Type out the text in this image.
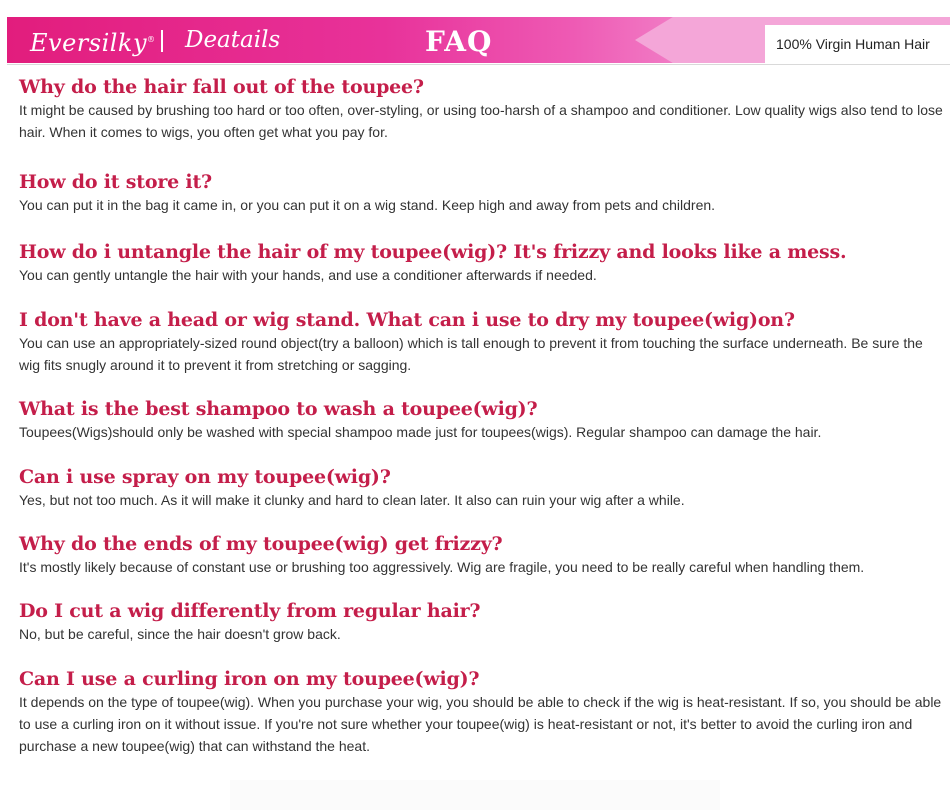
Eversilky® Deatails	FAQ	100% Virgin Human Hair
Why do the hair fall out of the toupee?
It might be caused by brushing too hard or too often, over-styling, or using too-harsh of a shampoo and conditioner. Low quality wigs also tend to lose hair. When it comes to wigs, you often get what you pay for.
How do it store it?
You can put it in the bag it came in, or you can put it on a wig stand. Keep high and away from pets and children.
How do i untangle the hair of my toupee(wig)? It's frizzy and looks like a mess.
You can gently untangle the hair with your hands, and use a conditioner afterwards if needed.
I don't have a head or wig stand. What can i use to dry my toupee(wig)on?
You can use an appropriately-sized round object(try a balloon) which is tall enough to prevent it from touching the surface underneath. Be sure the wig fits snugly around it to prevent it from stretching or sagging.
What is the best shampoo to wash a toupee(wig)?
Toupees(Wigs)should only be washed with special shampoo made just for toupees(wigs). Regular shampoo can damage the hair.
Can i use spray on my toupee(wig)?
Yes, but not too much. As it will make it clunky and hard to clean later. It also can ruin your wig after a while.
Why do the ends of my toupee(wig) get frizzy?
It's mostly likely because of constant use or brushing too aggressively. Wig are fragile, you need to be really careful when handling them.
Do I cut a wig differently from regular hair?
No, but be careful, since the hair doesn't grow back.
Can I use a curling iron on my toupee(wig)?
It depends on the type of toupee(wig). When you purchase your wig, you should be able to check if the wig is heat-resistant. If so, you should be able to use a curling iron on it without issue. If you're not sure whether your toupee(wig) is heat-resistant or not, it's better to avoid the curling iron and purchase a new toupee(wig) that can withstand the heat.
